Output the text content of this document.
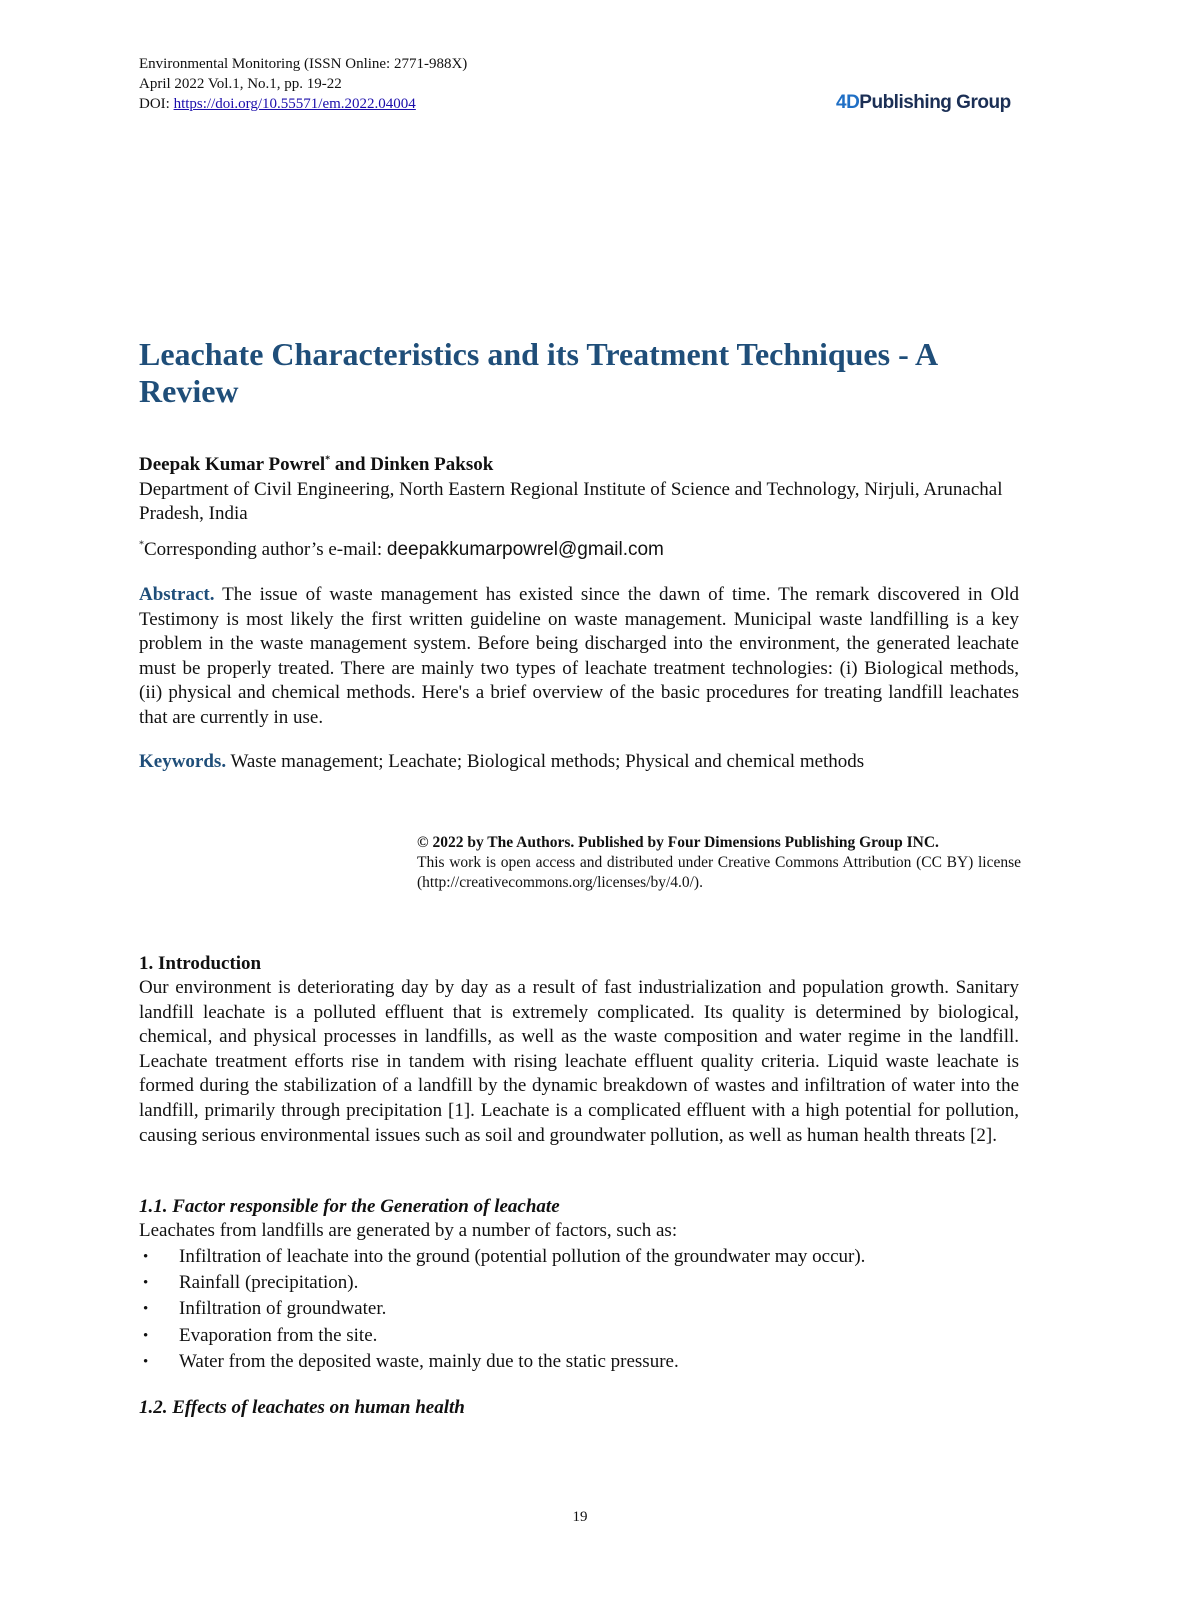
Environmental Monitoring (ISSN Online: 2771-988X)
April 2022 Vol.1, No.1, pp. 19-22
DOI: https://doi.org/10.55571/em.2022.04004	4DPublishing Group
Leachate Characteristics and its Treatment Techniques - A Review
Deepak Kumar Powrel* and Dinken Paksok
Department of Civil Engineering, North Eastern Regional Institute of Science and Technology, Nirjuli, Arunachal Pradesh, India
*Corresponding author’s e-mail: deepakkumarpowrel@gmail.com

Abstract. The issue of waste management has existed since the dawn of time. The remark discovered in Old Testimony is most likely the first written guideline on waste management. Municipal waste landfilling is a key problem in the waste management system. Before being discharged into the environment, the generated leachate must be properly treated. There are mainly two types of leachate treatment technologies: (i) Biological methods, (ii) physical and chemical methods. Here's a brief overview of the basic procedures for treating landfill leachates that are currently in use.

Keywords. Waste management; Leachate; Biological methods; Physical and chemical methods

© 2022 by The Authors. Published by Four Dimensions Publishing Group INC.
This work is open access and distributed under Creative Commons Attribution (CC BY) license (http://creativecommons.org/licenses/by/4.0/).
1. Introduction

Our environment is deteriorating day by day as a result of fast industrialization and population growth. Sanitary landfill leachate is a polluted effluent that is extremely complicated. Its quality is determined by biological, chemical, and physical processes in landfills, as well as the waste composition and water regime in the landfill. Leachate treatment efforts rise in tandem with rising leachate effluent quality criteria. Liquid waste leachate is formed during the stabilization of a landfill by the dynamic breakdown of wastes and infiltration of water into the landfill, primarily through precipitation [1]. Leachate is a complicated effluent with a high potential for pollution, causing serious environmental issues such as soil and groundwater pollution, as well as human health threats [2].

1.1. Factor responsible for the Generation of leachate

Leachates from landfills are generated by a number of factors, such as:

• Infiltration of leachate into the ground (potential pollution of the groundwater may occur).
• Rainfall (precipitation).
• Infiltration of groundwater.
• Evaporation from the site.
• Water from the deposited waste, mainly due to the static pressure.
1.2. Effects of leachates on human health
19
